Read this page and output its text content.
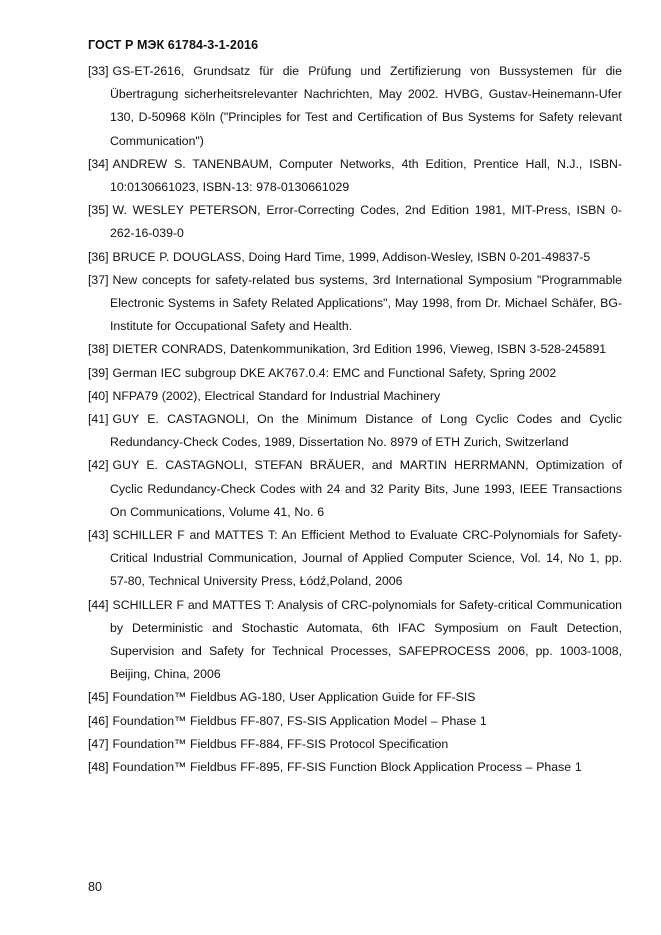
ГОСТ Р МЭК 61784-3-1-2016

[33] GS-ET-2616, Grundsatz für die Prüfung und Zertifizierung von Bussystemen für die Übertragung sicherheitsrelevanter Nachrichten, May 2002. HVBG, Gustav-Heinemann-Ufer 130, D-50968 Köln ("Principles for Test and Certification of Bus Systems for Safety relevant Communication")

[34] ANDREW S. TANENBAUM, Computer Networks, 4th Edition, Prentice Hall, N.J., ISBN-10:0130661023, ISBN-13: 978-0130661029

[35] W. WESLEY PETERSON, Error-Correcting Codes, 2nd Edition 1981, MIT-Press, ISBN 0-262-16-039-0

[36] BRUCE P. DOUGLASS, Doing Hard Time, 1999, Addison-Wesley, ISBN 0-201-49837-5

[37] New concepts for safety-related bus systems, 3rd International Symposium "Programmable Electronic Systems in Safety Related Applications", May 1998, from Dr. Michael Schäfer, BG-Institute for Occupational Safety and Health.

[38] DIETER CONRADS, Datenkommunikation, 3rd Edition 1996, Vieweg, ISBN 3-528-245891

[39] German IEC subgroup DKE AK767.0.4: EMC and Functional Safety, Spring 2002

[40] NFPA79 (2002), Electrical Standard for Industrial Machinery

[41] GUY E. CASTAGNOLI, On the Minimum Distance of Long Cyclic Codes and Cyclic Redundancy-Check Codes, 1989, Dissertation No. 8979 of ETH Zurich, Switzerland

[42] GUY E. CASTAGNOLI, STEFAN BRÄUER, and MARTIN HERRMANN, Optimization of Cyclic Redundancy-Check Codes with 24 and 32 Parity Bits, June 1993, IEEE Transactions On Communications, Volume 41, No. 6

[43] SCHILLER F and MATTES T: An Efficient Method to Evaluate CRC-Polynomials for Safety-Critical Industrial Communication, Journal of Applied Computer Science, Vol. 14, No 1, pp. 57-80, Technical University Press, Łódź,Poland, 2006

[44] SCHILLER F and MATTES T: Analysis of CRC-polynomials for Safety-critical Communication by Deterministic and Stochastic Automata, 6th IFAC Symposium on Fault Detection, Supervision and Safety for Technical Processes, SAFEPROCESS 2006, pp. 1003-1008, Beijing, China, 2006

[45] Foundation™ Fieldbus AG-180, User Application Guide for FF-SIS

[46] Foundation™ Fieldbus FF-807, FS-SIS Application Model – Phase 1

[47] Foundation™ Fieldbus FF-884, FF-SIS Protocol Specification

[48] Foundation™ Fieldbus FF-895, FF-SIS Function Block Application Process – Phase 1

80
